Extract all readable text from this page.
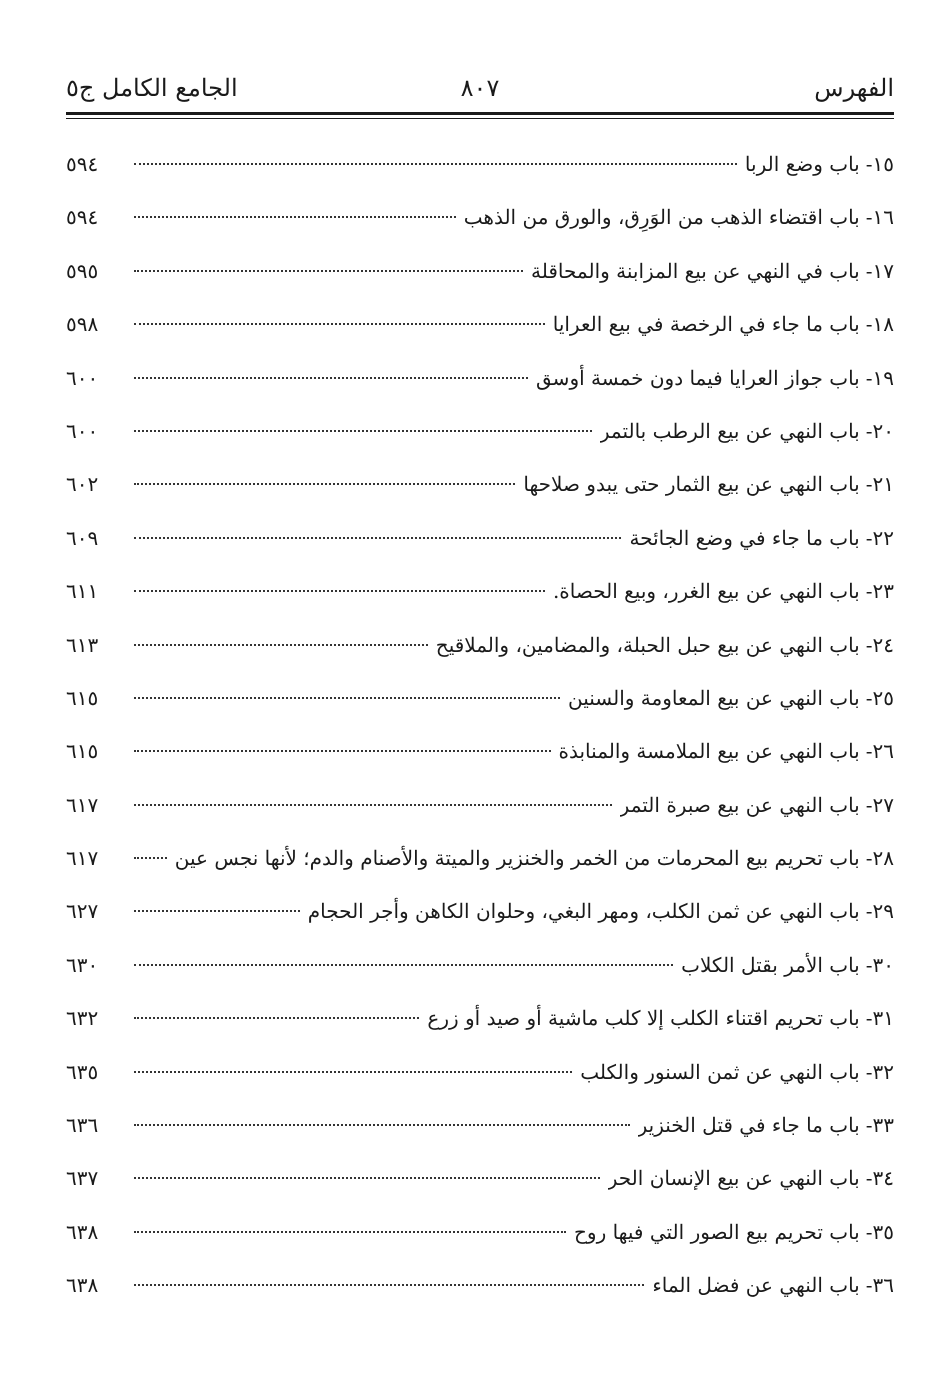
الفهرس
٨٠٧
الجامع الكامل ج٥
١٥-
باب وضع الربا
٥٩٤
١٦-
باب اقتضاء الذهب من الوَرِق، والورق من الذهب
٥٩٤
١٧-
باب في النهي عن بيع المزابنة والمحاقلة
٥٩٥
١٨-
باب ما جاء في الرخصة في بيع العرايا
٥٩٨
١٩-
باب جواز العرايا فيما دون خمسة أوسق
٦٠٠
٢٠-
باب النهي عن بيع الرطب بالتمر
٦٠٠
٢١-
باب النهي عن بيع الثمار حتى يبدو صلاحها
٦٠٢
٢٢-
باب ما جاء في وضع الجائحة
٦٠٩
٢٣-
باب النهي عن بيع الغرر، وبيع الحصاة.
٦١١
٢٤-
باب النهي عن بيع حبل الحبلة، والمضامين، والملاقيح
٦١٣
٢٥-
باب النهي عن بيع المعاومة والسنين
٦١٥
٢٦-
باب النهي عن بيع الملامسة والمنابذة
٦١٥
٢٧-
باب النهي عن بيع صبرة التمر
٦١٧
٢٨-
باب تحريم بيع المحرمات من الخمر والخنزير والميتة والأصنام والدم؛ لأنها نجس عين
٦١٧
٢٩-
باب النهي عن ثمن الكلب، ومهر البغي، وحلوان الكاهن وأجر الحجام
٦٢٧
٣٠-
باب الأمر بقتل الكلاب
٦٣٠
٣١-
باب تحريم اقتناء الكلب إلا كلب ماشية أو صيد أو زرع
٦٣٢
٣٢-
باب النهي عن ثمن السنور والكلب
٦٣٥
٣٣-
باب ما جاء في قتل الخنزير
٦٣٦
٣٤-
باب النهي عن بيع الإنسان الحر
٦٣٧
٣٥-
باب تحريم بيع الصور التي فيها روح
٦٣٨
٣٦-
باب النهي عن فضل الماء
٦٣٨
